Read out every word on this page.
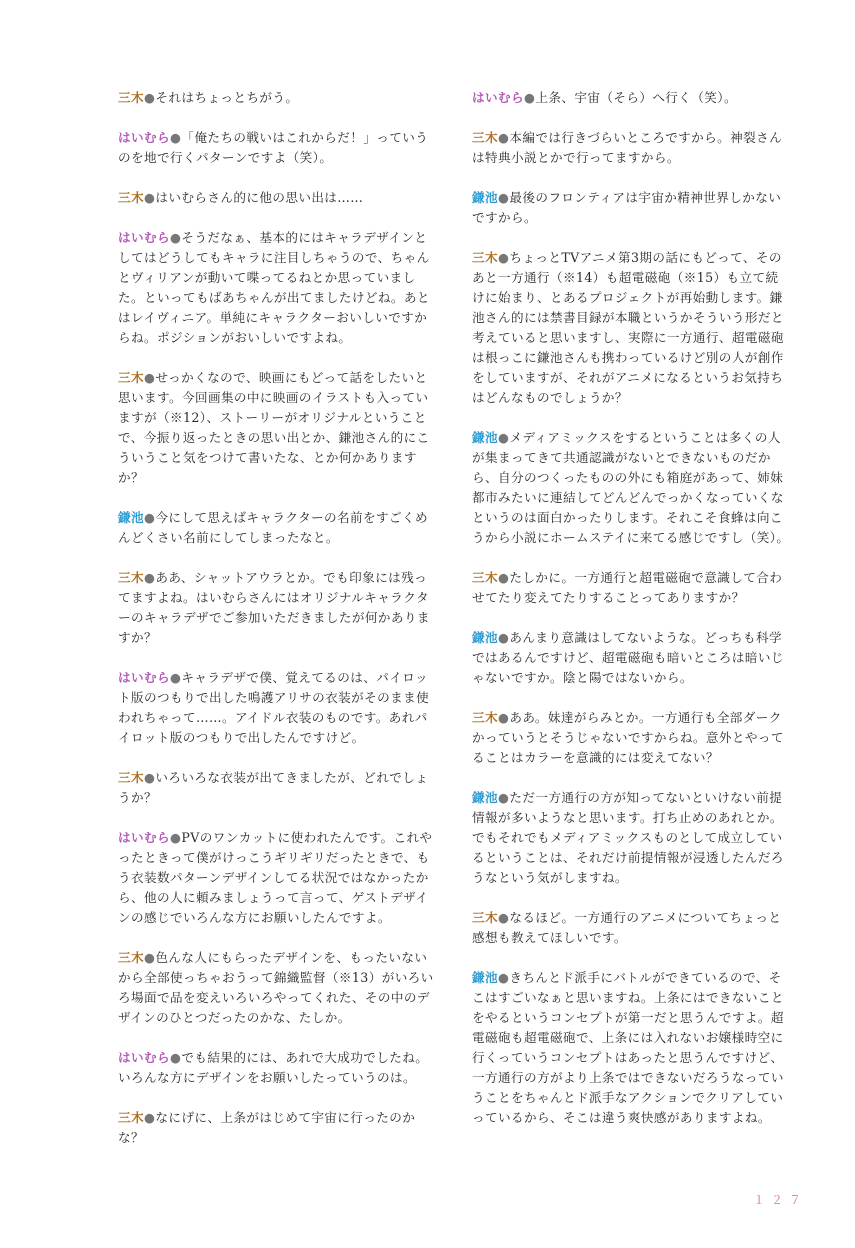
三木●それはちょっとちがう。

はいむら●「俺たちの戦いはこれからだ！」っていうのを地で行くパターンですよ（笑）。

三木●はいむらさん的に他の思い出は……

はいむら●そうだなぁ、基本的にはキャラデザインとしてはどうしてもキャラに注目しちゃうので、ちゃんとヴィリアンが動いて喋ってるねとか思っていました。といってもばあちゃんが出てましたけどね。あとはレイヴィニア。単純にキャラクターおいしいですからね。ポジションがおいしいですよね。

三木●せっかくなので、映画にもどって話をしたいと思います。今回画集の中に映画のイラストも入っていますが（※12）、ストーリーがオリジナルということで、今振り返ったときの思い出とか、鎌池さん的にこういうこと気をつけて書いたな、とか何かありますか？

鎌池●今にして思えばキャラクターの名前をすごくめんどくさい名前にしてしまったなと。

三木●ああ、シャットアウラとか。でも印象には残ってますよね。はいむらさんにはオリジナルキャラクターのキャラデザでご参加いただきましたが何かありますか？

はいむら●キャラデザで僕、覚えてるのは、パイロット版のつもりで出した鳴護アリサの衣装がそのまま使われちゃって……。アイドル衣装のものです。あれパイロット版のつもりで出したんですけど。

三木●いろいろな衣装が出てきましたが、どれでしょうか？

はいむら●PVのワンカットに使われたんです。これやったときって僕がけっこうギリギリだったときで、もう衣装数パターンデザインしてる状況ではなかったから、他の人に頼みましょうって言って、ゲストデザインの感じでいろんな方にお願いしたんですよ。

三木●色んな人にもらったデザインを、もったいないから全部使っちゃおうって錦織監督（※13）がいろいろ場面で品を変えいろいろやってくれた、その中のデザインのひとつだったのかな、たしか。

はいむら●でも結果的には、あれで大成功でしたね。いろんな方にデザインをお願いしたっていうのは。

三木●なにげに、上条がはじめて宇宙に行ったのかな？

はいむら●上条、宇宙（そら）へ行く（笑）。

三木●本編では行きづらいところですから。神裂さんは特典小説とかで行ってますから。

鎌池●最後のフロンティアは宇宙か精神世界しかないですから。

三木●ちょっとTVアニメ第3期の話にもどって、そのあと一方通行（※14）も超電磁砲（※15）も立て続けに始まり、とあるプロジェクトが再始動します。鎌池さん的には禁書目録が本職というかそういう形だと考えていると思いますし、実際に一方通行、超電磁砲は根っこに鎌池さんも携わっているけど別の人が創作をしていますが、それがアニメになるというお気持ちはどんなものでしょうか？

鎌池●メディアミックスをするということは多くの人が集まってきて共通認識がないとできないものだから、自分のつくったものの外にも箱庭があって、姉妹都市みたいに連結してどんどんでっかくなっていくなというのは面白かったりします。それこそ食蜂は向こうから小説にホームステイに来てる感じですし（笑）。

三木●たしかに。一方通行と超電磁砲で意識して合わせてたり変えてたりすることってありますか？

鎌池●あんまり意識はしてないような。どっちも科学ではあるんですけど、超電磁砲も暗いところは暗いじゃないですか。陰と陽ではないから。

三木●ああ。妹達がらみとか。一方通行も全部ダークかっていうとそうじゃないですからね。意外とやってることはカラーを意識的には変えてない？

鎌池●ただ一方通行の方が知ってないといけない前提情報が多いようなと思います。打ち止めのあれとか。でもそれでもメディアミックスものとして成立しているということは、それだけ前提情報が浸透したんだろうなという気がしますね。

三木●なるほど。一方通行のアニメについてちょっと感想も教えてほしいです。

鎌池●きちんとド派手にバトルができているので、そこはすごいなぁと思いますね。上条にはできないことをやるというコンセプトが第一だと思うんですよ。超電磁砲も超電磁砲で、上条には入れないお嬢様時空に行くっていうコンセプトはあったと思うんですけど、一方通行の方がより上条ではできないだろうなっていうことをちゃんとド派手なアクションでクリアしていっているから、そこは違う爽快感がありますよね。

１２７
